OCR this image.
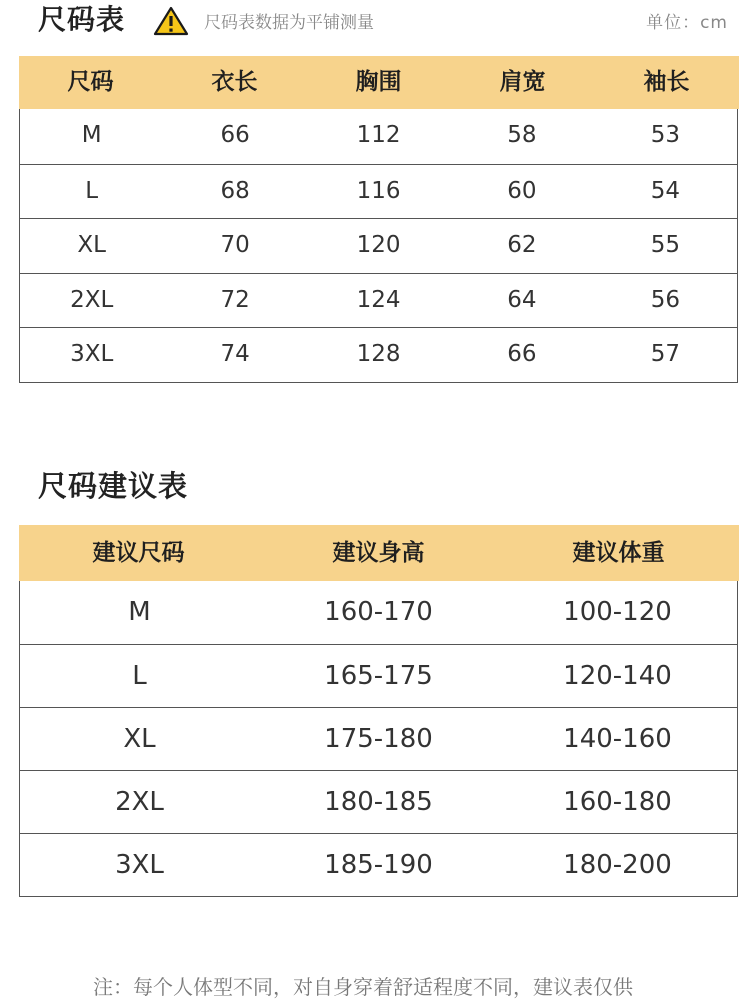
尺码表	尺码表数据为平铺测量	单位：cm
尺码	衣长	胸围	肩宽	袖长
M	66	112	58	53
L	68	116	60	54
XL	70	120	62	55
2XL	72	124	64	56
3XL	74	128	66	57
尺码建议表
建议尺码	建议身高	建议体重
M	160-170	100-120
L	165-175	120-140
XL	175-180	140-160
2XL	180-185	160-180
3XL	185-190	180-200
注：每个人体型不同，对自身穿着舒适程度不同，建议表仅供
